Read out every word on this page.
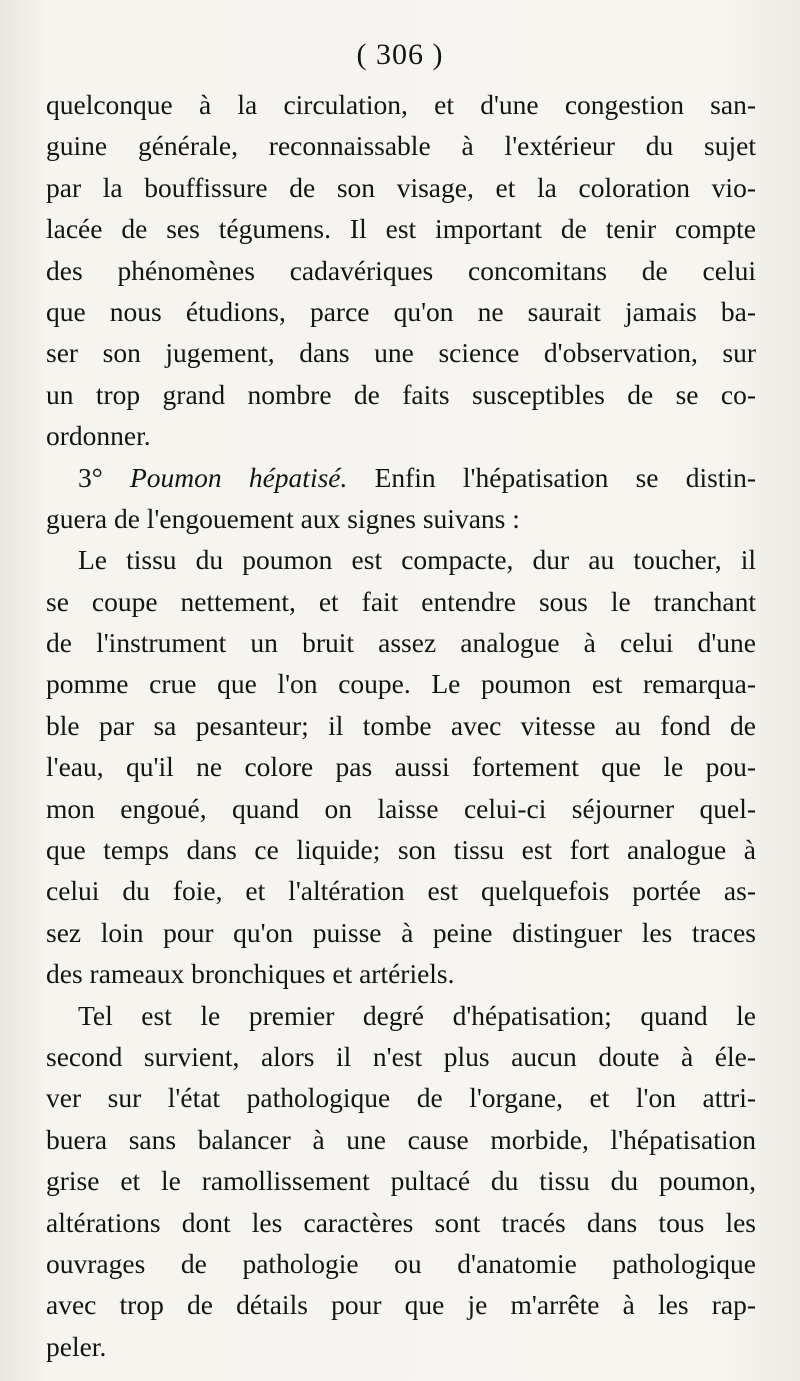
( 306 )
quelconque à la circulation, et d'une congestion san-
guine générale, reconnaissable à l'extérieur du sujet
par la bouffissure de son visage, et la coloration vio-
lacée de ses tégumens. Il est important de tenir compte
des phénomènes cadavériques concomitans de celui
que nous étudions, parce qu'on ne saurait jamais ba-
ser son jugement, dans une science d'observation, sur
un trop grand nombre de faits susceptibles de se co-
ordonner.
3° Poumon hépatisé. Enfin l'hépatisation se distin-
guera de l'engouement aux signes suivans :
Le tissu du poumon est compacte, dur au toucher, il
se coupe nettement, et fait entendre sous le tranchant
de l'instrument un bruit assez analogue à celui d'une
pomme crue que l'on coupe. Le poumon est remarqua-
ble par sa pesanteur; il tombe avec vitesse au fond de
l'eau, qu'il ne colore pas aussi fortement que le pou-
mon engoué, quand on laisse celui-ci séjourner quel-
que temps dans ce liquide; son tissu est fort analogue à
celui du foie, et l'altération est quelquefois portée as-
sez loin pour qu'on puisse à peine distinguer les traces
des rameaux bronchiques et artériels.
Tel est le premier degré d'hépatisation; quand le
second survient, alors il n'est plus aucun doute à éle-
ver sur l'état pathologique de l'organe, et l'on attri-
buera sans balancer à une cause morbide, l'hépatisation
grise et le ramollissement pultacé du tissu du poumon,
altérations dont les caractères sont tracés dans tous les
ouvrages de pathologie ou d'anatomie pathologique
avec trop de détails pour que je m'arrête à les rap-
peler.
